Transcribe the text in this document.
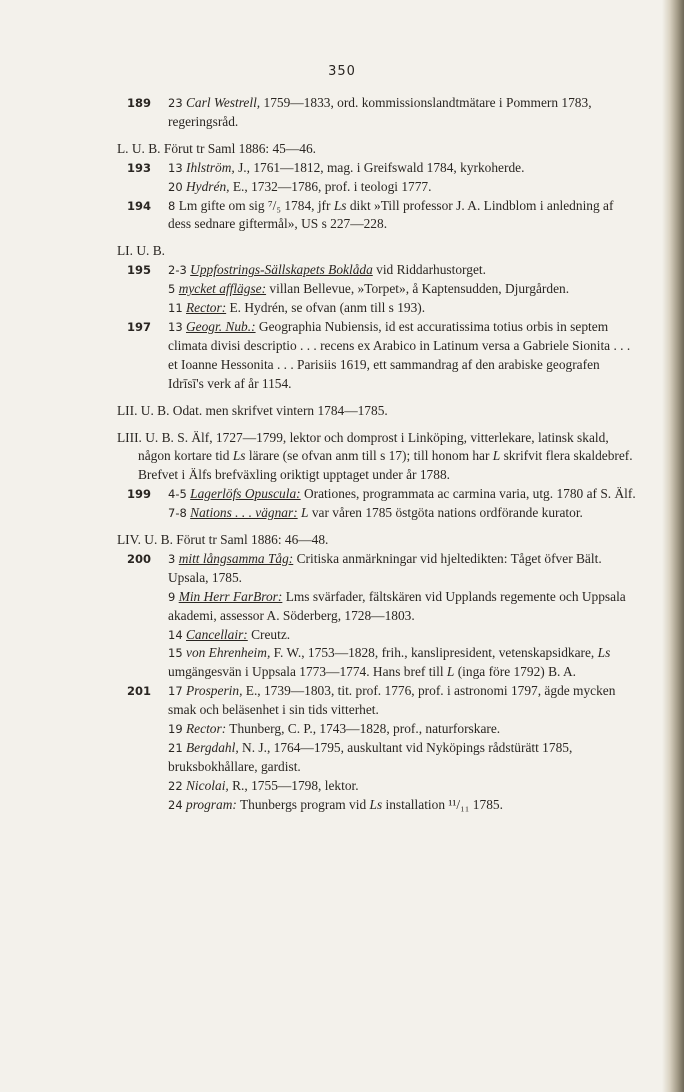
350
189 23 Carl Westrell, 1759—1833, ord. kommissionslandtmätare i Pommern 1783, regeringsråd.
L. U. B. Förut tr Saml 1886: 45—46.
193 13 Ihlström, J., 1761—1812, mag. i Greifswald 1784, kyrkoherde.
20 Hydrén, E., 1732—1786, prof. i teologi 1777.
194 8 Lm gifte om sig ⁷/₅ 1784, jfr Ls dikt »Till professor J. A. Lindblom i anledning af dess sednare giftermål», US s 227—228.
LI. U. B.
195 2-3 Uppfostrings-Sällskapets Boklåda vid Riddarhustorget.
5 mycket afflägse: villan Bellevue, »Torpet», å Kaptensudden, Djurgården.
11 Rector: E. Hydrén, se ofvan (anm till s 193).
197 13 Geogr. Nub.: Geographia Nubiensis, id est accuratissima totius orbis in septem climata divisi descriptio . . . recens ex Arabico in Latinum versa a Gabriele Sionita . . . et Ioanne Hessonita . . . Parisiis 1619, ett sammandrag af den arabiske geografen Idrīsī's verk af år 1154.
LII. U. B. Odat. men skrifvet vintern 1784—1785.
LIII. U. B. S. Älf, 1727—1799, lektor och domprost i Linköping, vitterlekare, latinsk skald, någon kortare tid Ls lärare (se ofvan anm till s 17); till honom har L skrifvit flera skaldebref. Brefvet i Älfs brefväxling oriktigt upptaget under år 1788.
199 4-5 Lagerlöfs Opuscula: Orationes, programmata ac carmina varia, utg. 1780 af S. Älf.
7-8 Nations . . . vägnar: L var våren 1785 östgöta nations ordförande kurator.
LIV. U. B. Förut tr Saml 1886: 46—48.
200 3 mitt långsamma Tåg: Critiska anmärkningar vid hjeltedikten: Tåget öfver Bält. Upsala, 1785.
9 Min Herr FarBror: Lms svärfader, fältskären vid Upplands regemente och Uppsala akademi, assessor A. Söderberg, 1728—1803.
14 Cancellair: Creutz.
15 von Ehrenheim, F. W., 1753—1828, frih., kanslipresident, vetenskapsidkare, Ls umgängesvän i Uppsala 1773—1774. Hans bref till L (inga före 1792) B. A.
201 17 Prosperin, E., 1739—1803, tit. prof. 1776, prof. i astronomi 1797, ägde mycken smak och beläsenhet i sin tids vitterhet.
19 Rector: Thunberg, C. P., 1743—1828, prof., naturforskare.
21 Bergdahl, N. J., 1764—1795, auskultant vid Nyköpings rådstürätt 1785, bruksbokhållare, gardist.
22 Nicolai, R., 1755—1798, lektor.
24 program: Thunbergs program vid Ls installation ¹¹/₁₁ 1785.
